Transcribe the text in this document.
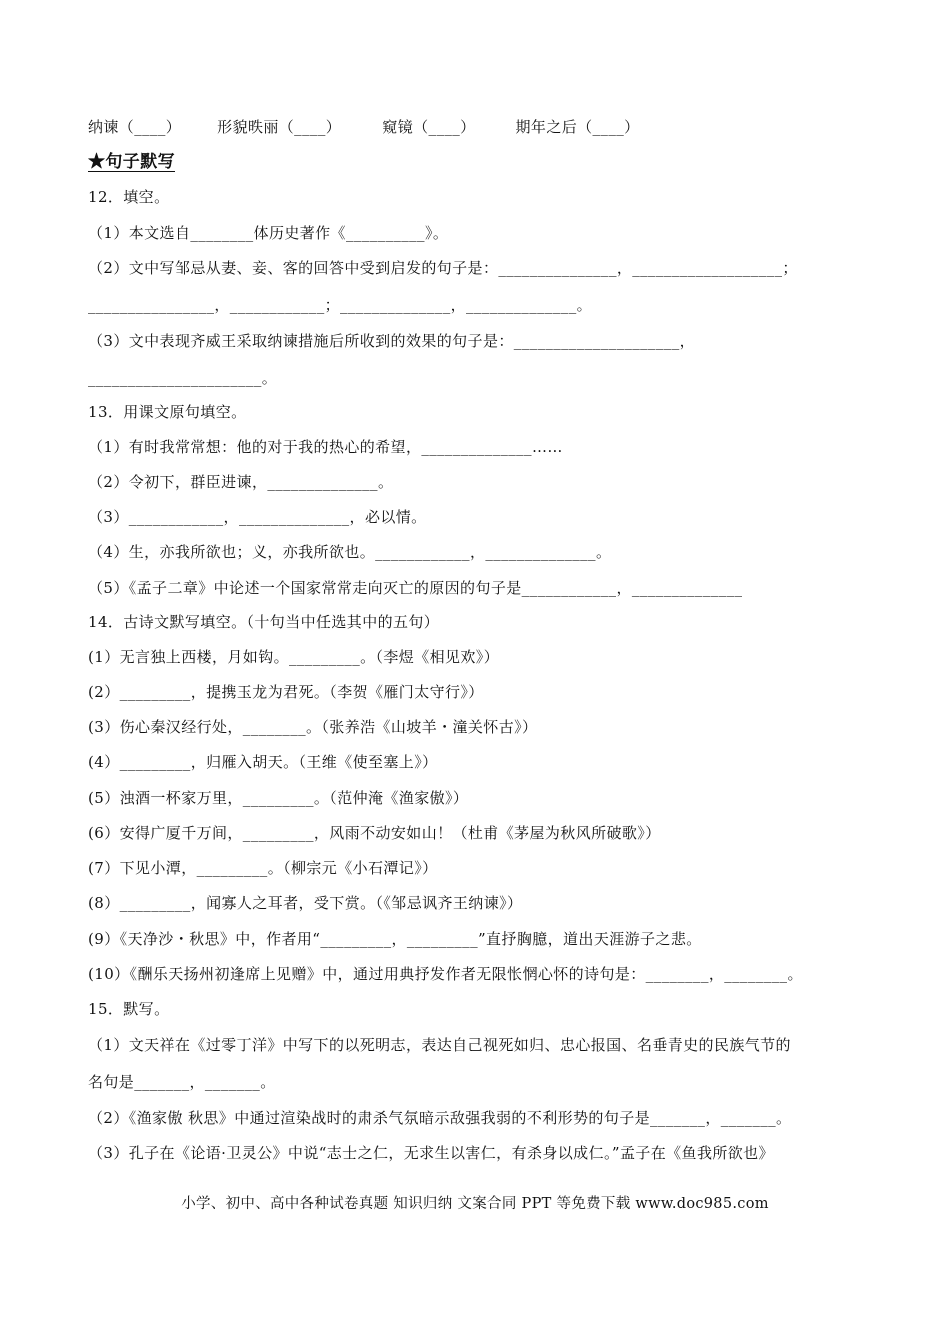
纳谏（____） 形貌昳丽（____）	窥镜（____）	期年之后（____）
★句子默写
12．填空。
（1）本文选自________体历史著作《__________》。
（2）文中写邹忌从妻、妾、客的回答中受到启发的句子是：_______________，___________________；
________________，____________；______________，______________。
（3）文中表现齐威王采取纳谏措施后所收到的效果的句子是：_____________________，
______________________。
13．用课文原句填空。
（1）有时我常常想：他的对于我的热心的希望，______________……
（2）令初下，群臣进谏，______________。
（3）____________，______________，必以情。
（4）生，亦我所欲也；义，亦我所欲也。____________，______________。
（5）《孟子二章》中论述一个国家常常走向灭亡的原因的句子是____________，______________
14．古诗文默写填空。（十句当中任选其中的五句）
(1）无言独上西楼，月如钩。_________。（李煜《相见欢》）
(2）_________，提携玉龙为君死。（李贺《雁门太守行》）
(3）伤心秦汉经行处，________。（张养浩《山坡羊・潼关怀古》）
(4）_________，归雁入胡天。（王维《使至塞上》）
(5）浊酒一杯家万里，_________。（范仲淹《渔家傲》）
(6）安得广厦千万间，_________，风雨不动安如山！（杜甫《茅屋为秋风所破歌》）
(7）下见小潭，_________。（柳宗元《小石潭记》）
(8）_________，闻寡人之耳者，受下赏。（《邹忌讽齐王纳谏》）
(9）《天净沙・秋思》中，作者用“_________，_________”直抒胸臆，道出天涯游子之悲。
(10）《酬乐天扬州初逢席上见赠》中，通过用典抒发作者无限怅惘心怀的诗句是：________，________。
15．默写。
（1）文天祥在《过零丁洋》中写下的以死明志，表达自己视死如归、忠心报国、名垂青史的民族气节的
名句是_______，_______。
（2）《渔家傲 秋思》中通过渲染战时的肃杀气氛暗示敌强我弱的不利形势的句子是_______，_______。
（3）孔子在《论语·卫灵公》中说“志士之仁，无求生以害仁，有杀身以成仁。”孟子在《鱼我所欲也》
小学、初中、高中各种试卷真题 知识归纳 文案合同 PPT 等免费下载 www.doc985.com
